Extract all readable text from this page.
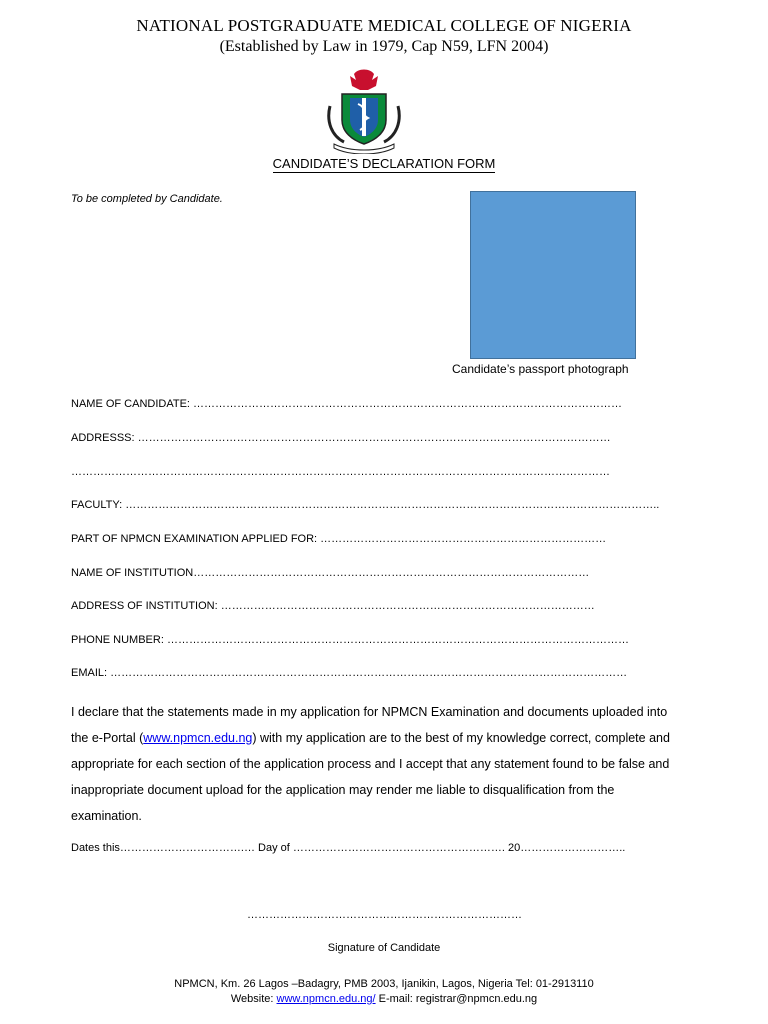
NATIONAL POSTGRADUATE MEDICAL COLLEGE OF NIGERIA
(Established by Law in 1979, Cap N59, LFN 2004)
CANDIDATE’S DECLARATION FORM
To be completed by Candidate.
Candidate’s passport photograph
NAME OF CANDIDATE: ………………………………………………………………………………………………………
ADDRESSS: …………………………………………………………………………………………………………………
…………………………………………………………………………………………………………………………………
FACULTY: ………………………………………………………………………………………………………………………………..
PART OF NPMCN EXAMINATION APPLIED FOR: ……………………………………………………………………
NAME OF INSTITUTION………………………………………………………………………………………………
ADDRESS OF INSTITUTION: …………………………………………………………………………………………
PHONE NUMBER: ………………………………………………………………………………………………………………
EMAIL: ……………………………………………………………………………………………………………………………
I declare that the statements made in my application for NPMCN Examination and documents uploaded into the e-Portal (www.npmcn.edu.ng) with my application are to the best of my knowledge correct, complete and appropriate for each section of the application process and I accept that any statement found to be false and inappropriate document upload for the application may render me liable to disqualification from the examination.
Dates this…………………………….… Day of …………………………………………………. 20………………………..
…………………………………………………………………
Signature of Candidate
NPMCN, Km. 26 Lagos –Badagry, PMB 2003, Ijanikin, Lagos, Nigeria Tel: 01-2913110
Website: www.npmcn.edu.ng/ E-mail: registrar@npmcn.edu.ng
